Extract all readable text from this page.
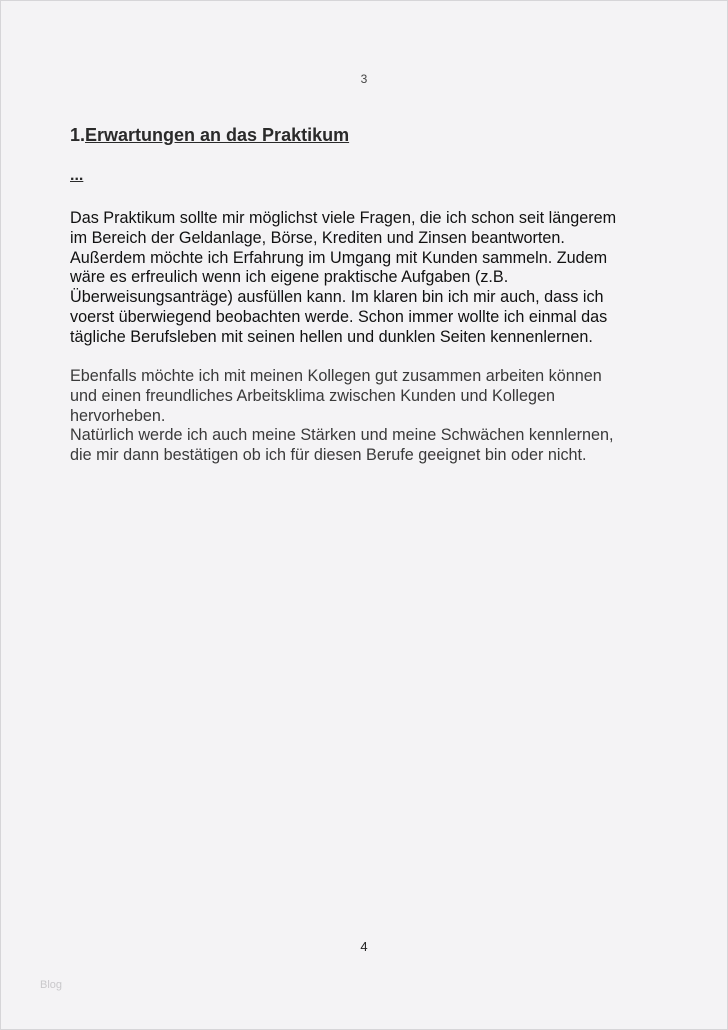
3
1.Erwartungen an das Praktikum
...
Das Praktikum sollte mir möglichst viele Fragen, die ich schon seit längerem
im Bereich der Geldanlage, Börse, Krediten und Zinsen beantworten.
Außerdem möchte ich Erfahrung im Umgang mit Kunden sammeln. Zudem
wäre es erfreulich wenn ich eigene praktische Aufgaben (z.B.
Überweisungsanträge) ausfüllen kann. Im klaren bin ich mir auch, dass ich
voerst überwiegend beobachten werde. Schon immer wollte ich einmal das
tägliche Berufsleben mit seinen hellen und dunklen Seiten kennenlernen.
Ebenfalls möchte ich mit meinen Kollegen gut zusammen arbeiten können
und einen freundliches Arbeitsklima zwischen Kunden und Kollegen
hervorheben.
Natürlich werde ich auch meine Stärken und meine Schwächen kennlernen,
die mir dann bestätigen ob ich für diesen Berufe geeignet bin oder nicht.
4
Blog
